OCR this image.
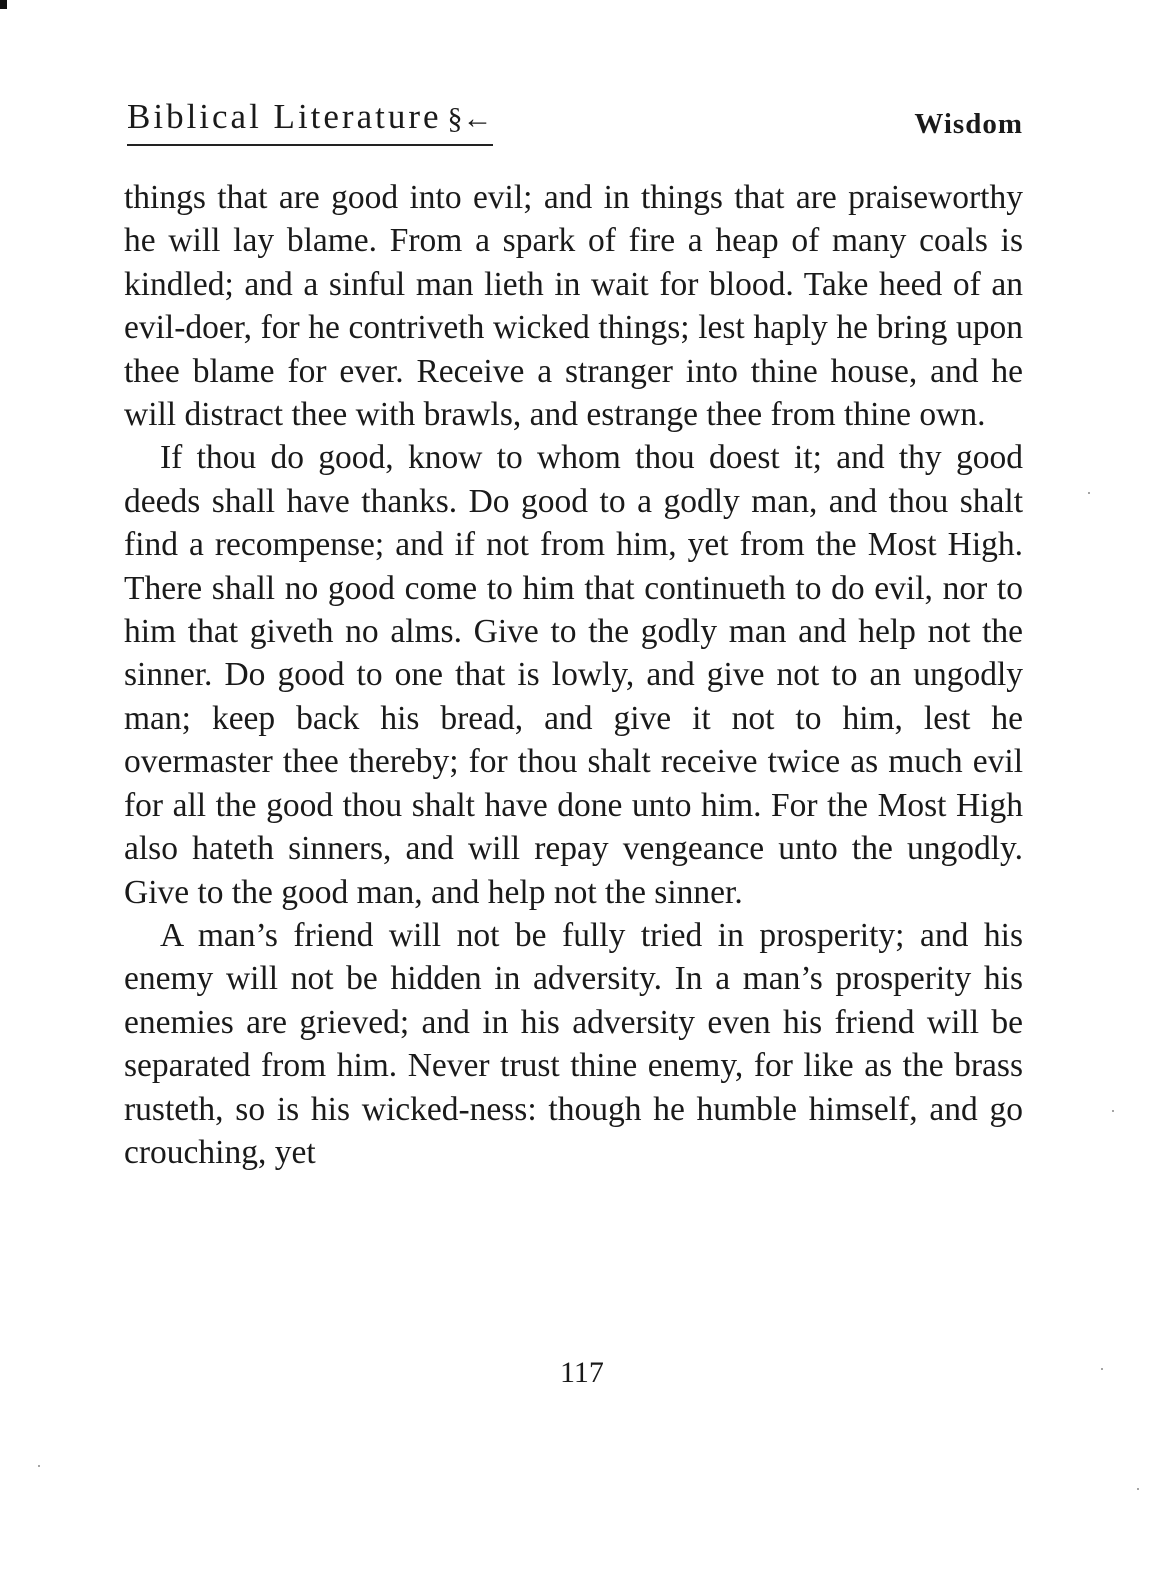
Biblical Literature §←	Wisdom

things that are good into evil; and in things that are praiseworthy he will lay blame. From a spark of fire a heap of many coals is kindled; and a sinful man lieth in wait for blood. Take heed of an evil-doer, for he contriveth wicked things; lest haply he bring upon thee blame for ever. Receive a stranger into thine house, and he will distract thee with brawls, and estrange thee from thine own.

If thou do good, know to whom thou doest it; and thy good deeds shall have thanks. Do good to a godly man, and thou shalt find a recompense; and if not from him, yet from the Most High. There shall no good come to him that continueth to do evil, nor to him that giveth no alms. Give to the godly man and help not the sinner. Do good to one that is lowly, and give not to an ungodly man; keep back his bread, and give it not to him, lest he overmaster thee thereby; for thou shalt receive twice as much evil for all the good thou shalt have done unto him. For the Most High also hateth sinners, and will repay vengeance unto the ungodly. Give to the good man, and help not the sinner.

A man’s friend will not be fully tried in prosperity; and his enemy will not be hidden in adversity. In a man’s prosperity his enemies are grieved; and in his adversity even his friend will be separated from him. Never trust thine enemy, for like as the brass rusteth, so is his wicked-ness: though he humble himself, and go crouching, yet

117
